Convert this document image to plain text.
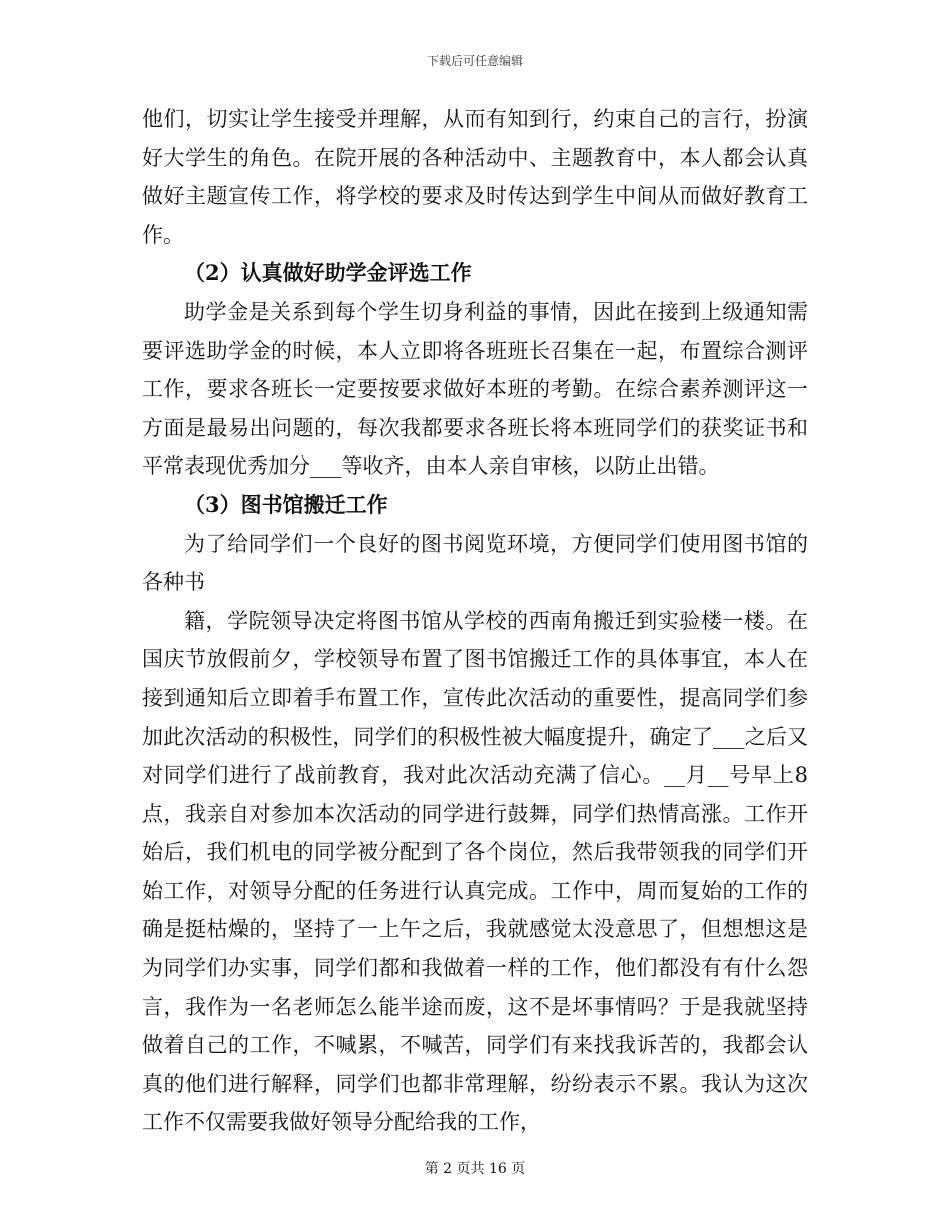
下载后可任意编辑

他们，切实让学生接受并理解，从而有知到行，约束自己的言行，扮演好大学生的角色。在院开展的各种活动中、主题教育中，本人都会认真做好主题宣传工作，将学校的要求及时传达到学生中间从而做好教育工作。

（2）认真做好助学金评选工作

助学金是关系到每个学生切身利益的事情，因此在接到上级通知需要评选助学金的时候，本人立即将各班班长召集在一起，布置综合测评工作，要求各班长一定要按要求做好本班的考勤。在综合素养测评这一方面是最易出问题的，每次我都要求各班长将本班同学们的获奖证书和平常表现优秀加分___等收齐，由本人亲自审核，以防止出错。

（3）图书馆搬迁工作

为了给同学们一个良好的图书阅览环境，方便同学们使用图书馆的各种书

籍，学院领导决定将图书馆从学校的西南角搬迁到实验楼一楼。在国庆节放假前夕，学校领导布置了图书馆搬迁工作的具体事宜，本人在接到通知后立即着手布置工作，宣传此次活动的重要性，提高同学们参加此次活动的积极性，同学们的积极性被大幅度提升，确定了___之后又对同学们进行了战前教育，我对此次活动充满了信心。__月__号早上8点，我亲自对参加本次活动的同学进行鼓舞，同学们热情高涨。工作开始后，我们机电的同学被分配到了各个岗位，然后我带领我的同学们开始工作，对领导分配的任务进行认真完成。工作中，周而复始的工作的确是挺枯燥的，坚持了一上午之后，我就感觉太没意思了，但想想这是为同学们办实事，同学们都和我做着一样的工作，他们都没有有什么怨言，我作为一名老师怎么能半途而废，这不是坏事情吗？于是我就坚持做着自己的工作，不喊累，不喊苦，同学们有来找我诉苦的，我都会认真的他们进行解释，同学们也都非常理解，纷纷表示不累。我认为这次工作不仅需要我做好领导分配给我的工作，

第 2 页共 16 页
